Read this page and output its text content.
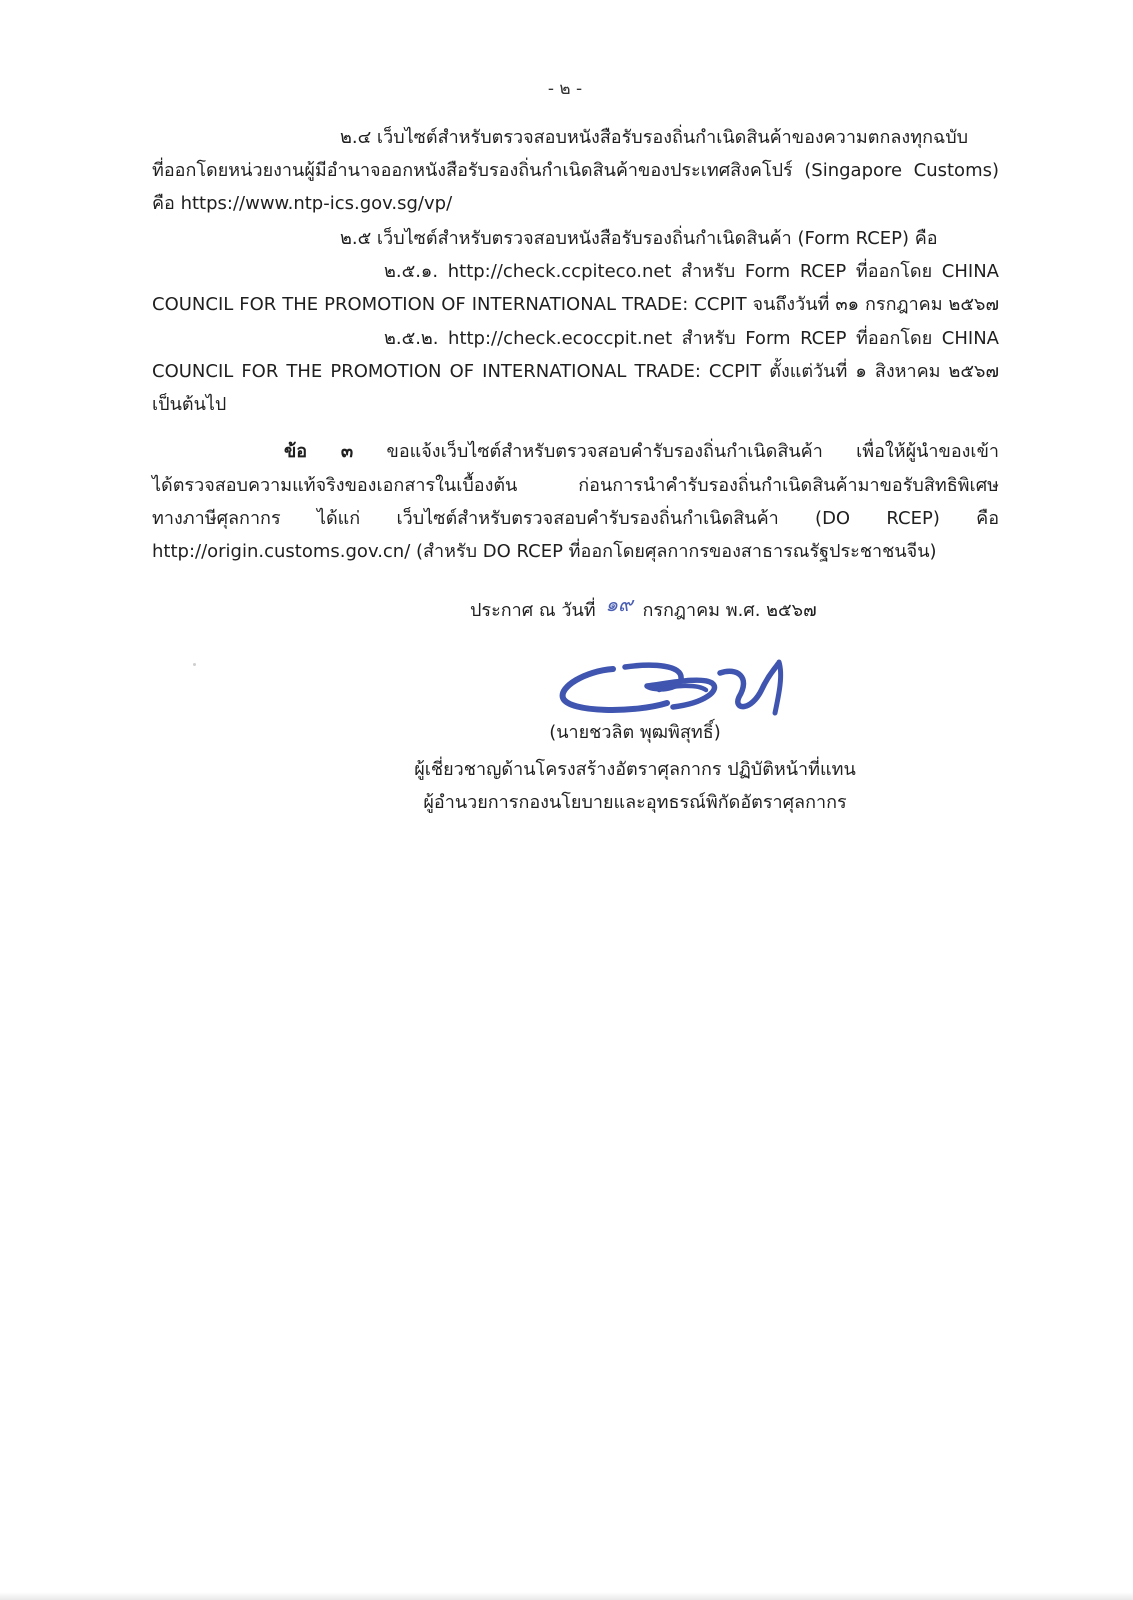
- ๒ -
๒.๔ เว็บไซต์สำหรับตรวจสอบหนังสือรับรองถิ่นกำเนิดสินค้าของความตกลงทุกฉบับ
ที่ออกโดยหน่วยงานผู้มีอำนาจออกหนังสือรับรองถิ่นกำเนิดสินค้าของประเทศสิงคโปร์ (Singapore Customs)
คือ https://www.ntp-ics.gov.sg/vp/
๒.๕ เว็บไซต์สำหรับตรวจสอบหนังสือรับรองถิ่นกำเนิดสินค้า (Form RCEP) คือ
๒.๕.๑. http://check.ccpiteco.net สำหรับ Form RCEP ที่ออกโดย CHINA
COUNCIL FOR THE PROMOTION OF INTERNATIONAL TRADE: CCPIT จนถึงวันที่ ๓๑ กรกฎาคม ๒๕๖๗
๒.๕.๒. http://check.ecoccpit.net สำหรับ Form RCEP ที่ออกโดย CHINA
COUNCIL FOR THE PROMOTION OF INTERNATIONAL TRADE: CCPIT ตั้งแต่วันที่ ๑ สิงหาคม ๒๕๖๗
เป็นต้นไป
ข้อ ๓ ขอแจ้งเว็บไซต์สำหรับตรวจสอบคำรับรองถิ่นกำเนิดสินค้า เพื่อให้ผู้นำของเข้า
ได้ตรวจสอบความแท้จริงของเอกสารในเบื้องต้น ก่อนการนำคำรับรองถิ่นกำเนิดสินค้ามาขอรับสิทธิพิเศษ
ทางภาษีศุลกากร ได้แก่ เว็บไซต์สำหรับตรวจสอบคำรับรองถิ่นกำเนิดสินค้า (DO RCEP) คือ
http://origin.customs.gov.cn/ (สำหรับ DO RCEP ที่ออกโดยศุลกากรของสาธารณรัฐประชาชนจีน)
ประกาศ ณ วันที่ ๑๙ กรกฎาคม พ.ศ. ๒๕๖๗
(นายชวลิต พุฒพิสุทธิ์)
ผู้เชี่ยวชาญด้านโครงสร้างอัตราศุลกากร ปฏิบัติหน้าที่แทน
ผู้อำนวยการกองนโยบายและอุทธรณ์พิกัดอัตราศุลกากร
